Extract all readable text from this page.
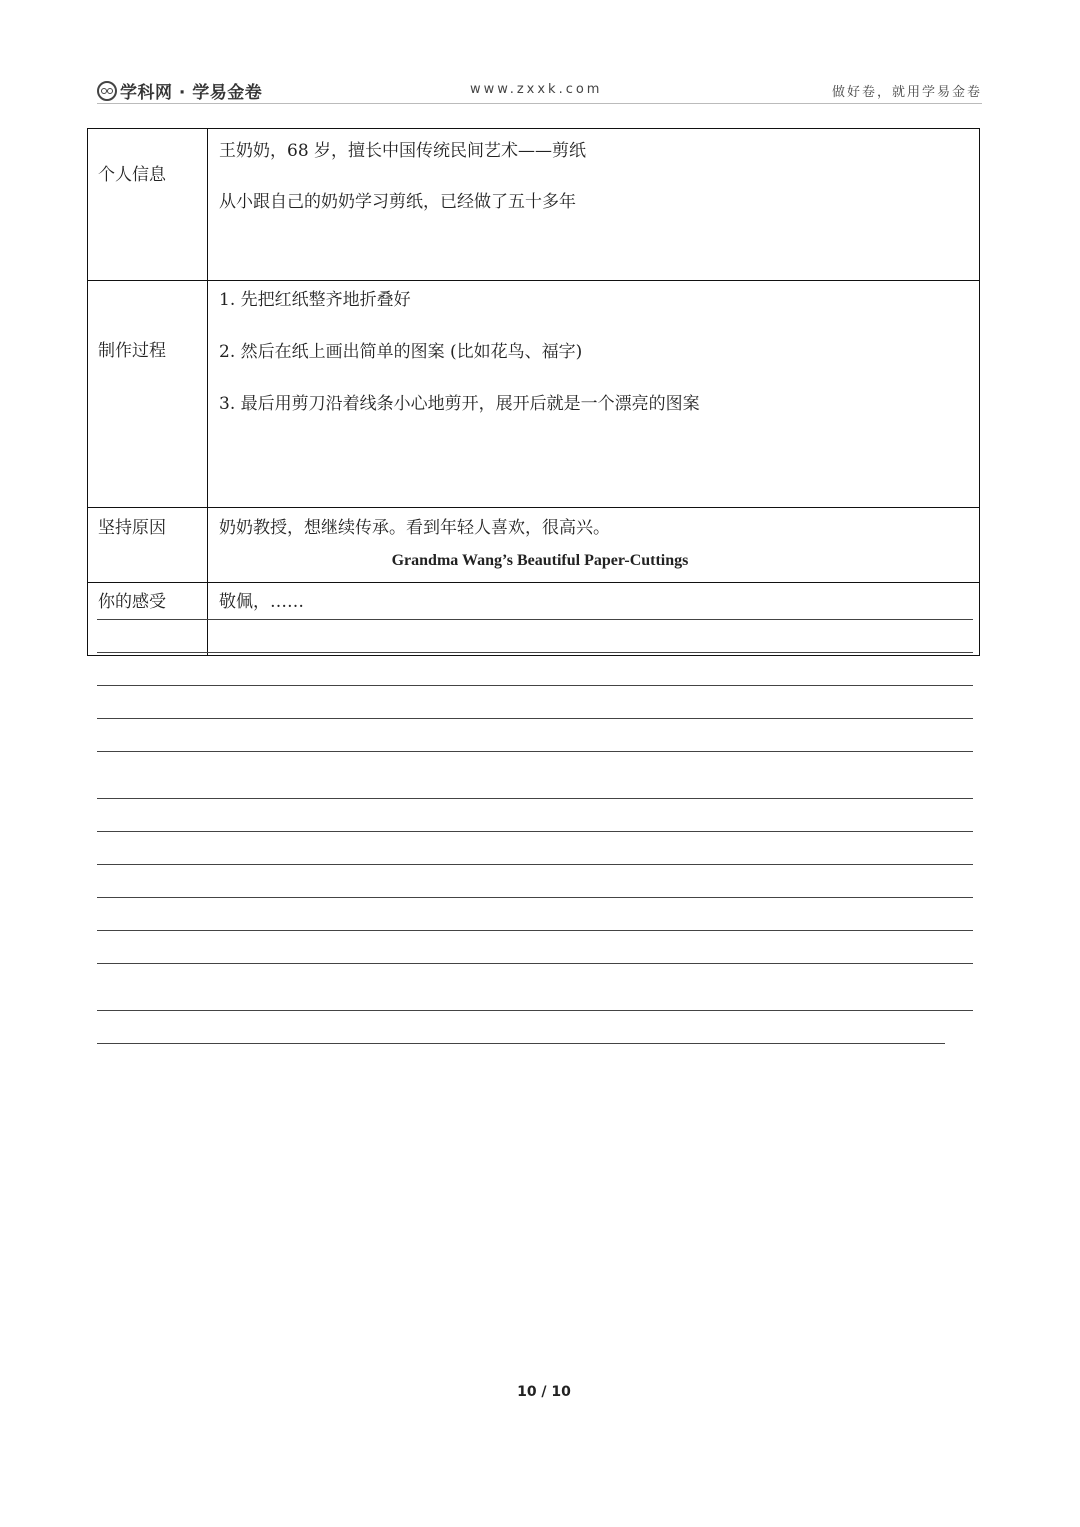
学科网 · 学易金卷	www.zxxk.com	做好卷，就用学易金卷
个人信息	王奶奶，68 岁，擅长中国传统民间艺术——剪纸
从小跟自己的奶奶学习剪纸，已经做了五十多年

制作过程	1. 先把红纸整齐地折叠好
2. 然后在纸上画出简单的图案 (比如花鸟、福字)
3. 最后用剪刀沿着线条小心地剪开，展开后就是一个漂亮的图案

坚持原因	奶奶教授，想继续传承。看到年轻人喜欢，很高兴。

你的感受	敬佩，……
Grandma Wang’s Beautiful Paper-Cuttings
10 / 10
